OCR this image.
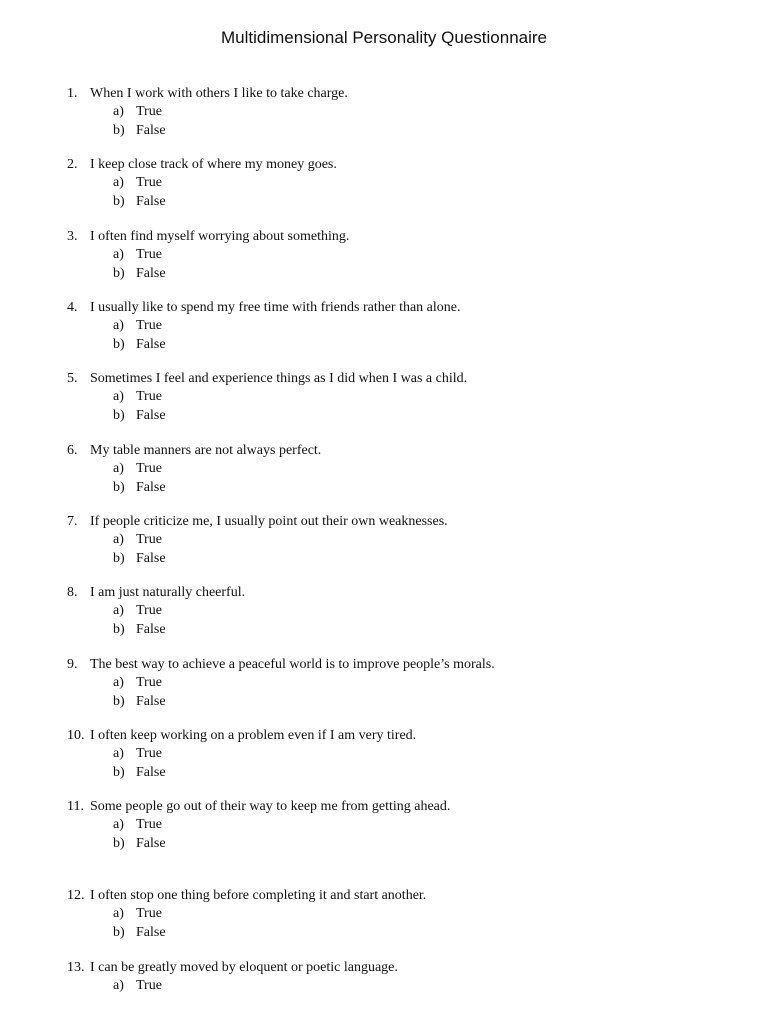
Multidimensional Personality Questionnaire
1. When I work with others I like to take charge.
a) True
b) False
2. I keep close track of where my money goes.
a) True
b) False
3. I often find myself worrying about something.
a) True
b) False
4. I usually like to spend my free time with friends rather than alone.
a) True
b) False
5. Sometimes I feel and experience things as I did when I was a child.
a) True
b) False
6. My table manners are not always perfect.
a) True
b) False
7. If people criticize me, I usually point out their own weaknesses.
a) True
b) False
8. I am just naturally cheerful.
a) True
b) False
9. The best way to achieve a peaceful world is to improve people’s morals.
a) True
b) False
10. I often keep working on a problem even if I am very tired.
a) True
b) False
11. Some people go out of their way to keep me from getting ahead.
a) True
b) False
12. I often stop one thing before completing it and start another.
a) True
b) False
13. I can be greatly moved by eloquent or poetic language.
a) True
